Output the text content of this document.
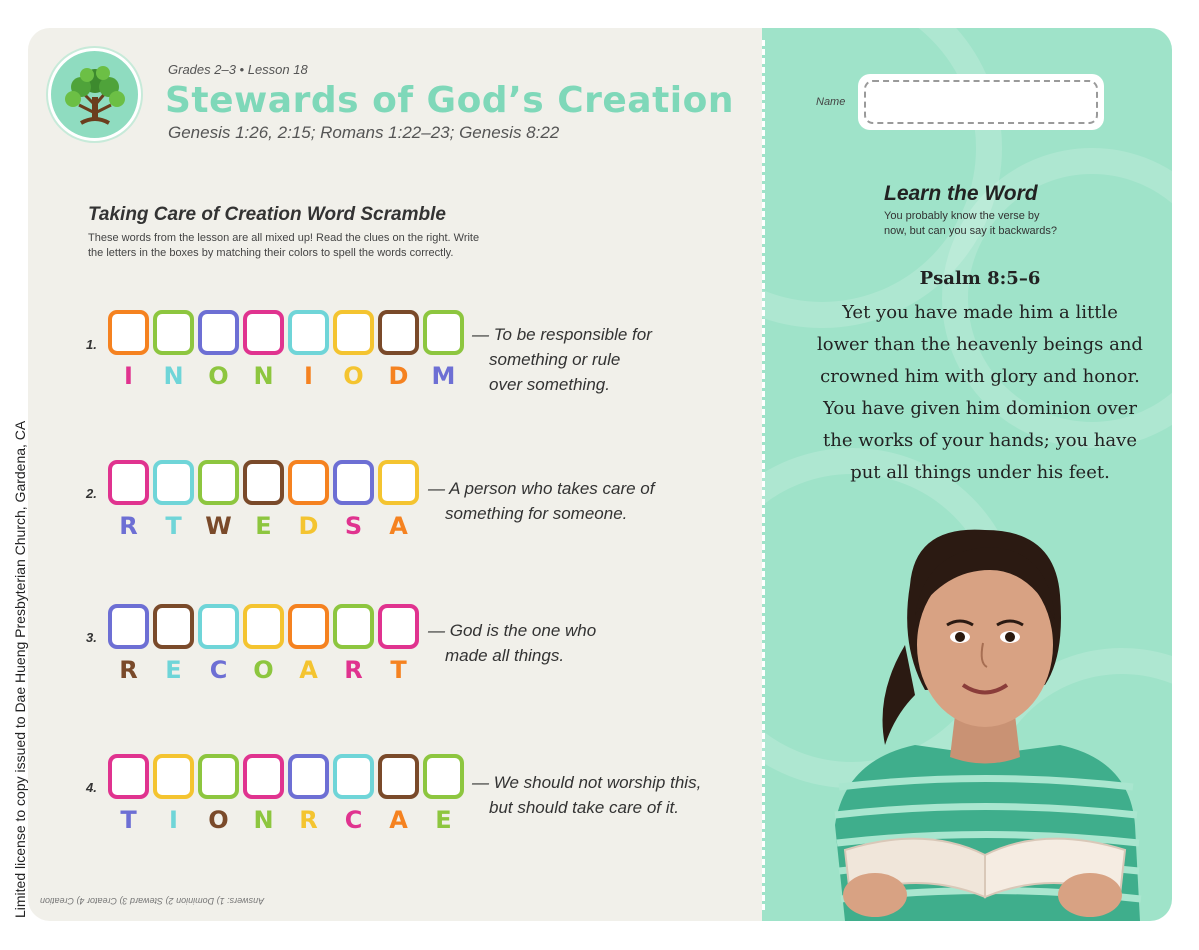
Limited license to copy issued to Dae Hueng Presbyterian Church, Gardena, CA
Grades 2–3 • Lesson 18
Stewards of God’s Creation
Genesis 1:26, 2:15; Romans 1:22–23; Genesis 8:22
Taking Care of Creation Word Scramble
These words from the lesson are all mixed up! Read the clues on the right. Write
the letters in the boxes by matching their colors to spell the words correctly.
1.
I	N	O	N	I	O	D M
— To be responsible for
something or rule
over something.
2.
R	T W E	D	S	A
— A person who takes care of
something for someone.
3.
R	E	C	O	A	R	T
— God is the one who
made all things.
4.
T	I	O	N	R	C	A	E
— We should not worship this,
but should take care of it.
Answers: 1) Dominion 2) Steward 3) Creator 4) Creation
Name
Learn the Word
You probably know the verse by
now, but can you say it backwards?
Psalm 8:5–6
Yet you have made him a little
lower than the heavenly beings and
crowned him with glory and honor.
You have given him dominion over
the works of your hands; you have
put all things under his feet.
